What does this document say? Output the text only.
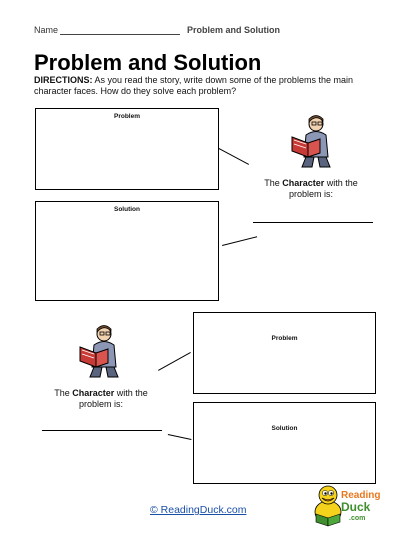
Name	Problem and Solution
Problem and Solution
DIRECTIONS: As you read the story, write down some of the problems the main character faces. How do they solve each problem?
Problem
Solution
The Character with the problem is:
Problem
Solution
The Character with the problem is:
© ReadingDuck.com
Reading
Duck
.com
